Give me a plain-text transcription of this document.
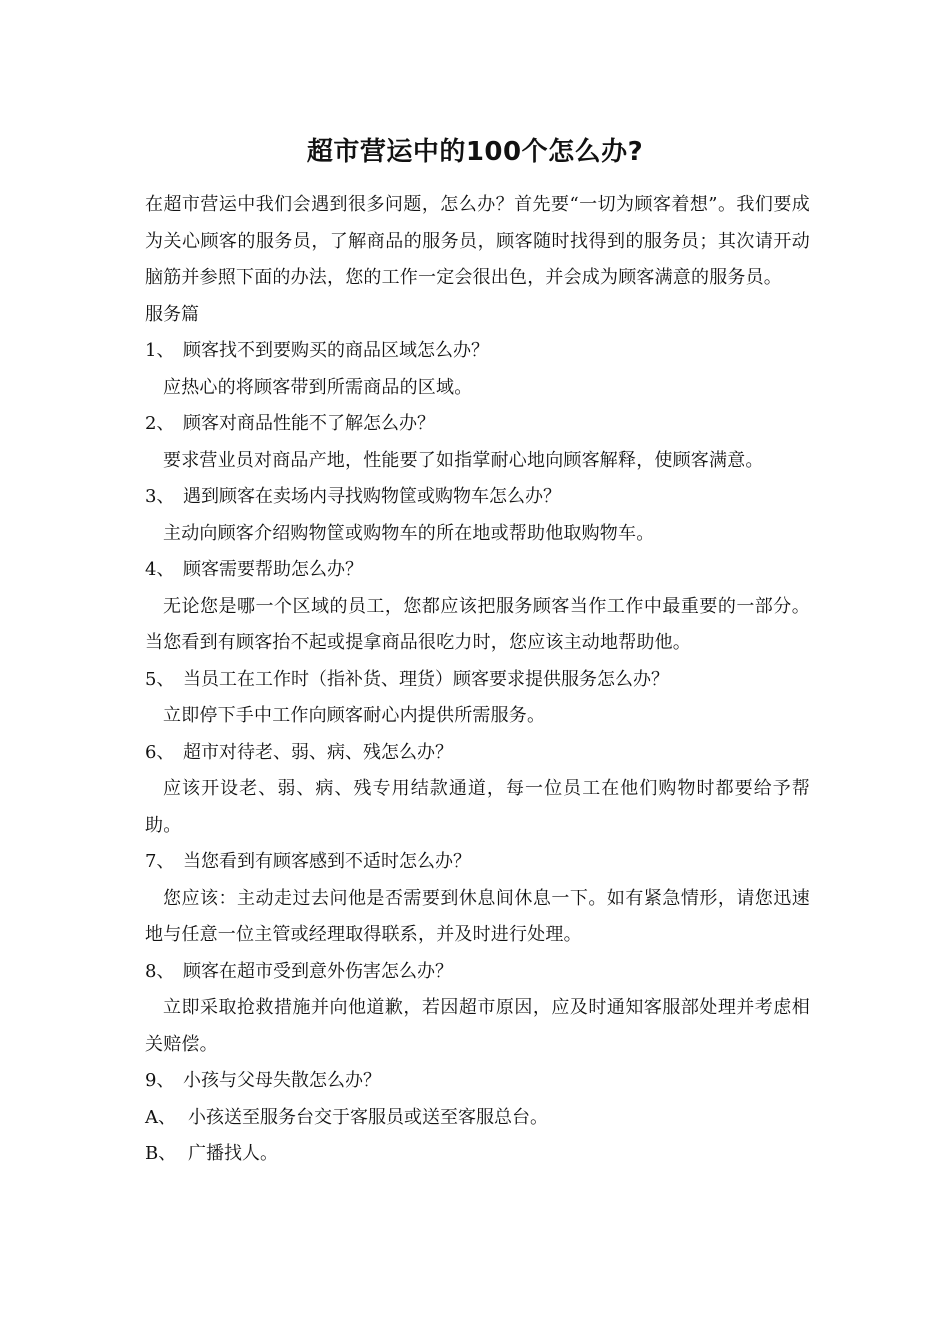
超市营运中的100个怎么办?

在超市营运中我们会遇到很多问题，怎么办？首先要“一切为顾客着想”。我们要成为关心顾客的服务员，了解商品的服务员，顾客随时找得到的服务员；其次请开动脑筋并参照下面的办法，您的工作一定会很出色，并会成为顾客满意的服务员。

服务篇

1、 顾客找不到要购买的商品区域怎么办？

应热心的将顾客带到所需商品的区域。

2、 顾客对商品性能不了解怎么办？

要求营业员对商品产地，性能要了如指掌耐心地向顾客解释，使顾客满意。

3、 遇到顾客在卖场内寻找购物筐或购物车怎么办？

主动向顾客介绍购物筐或购物车的所在地或帮助他取购物车。

4、 顾客需要帮助怎么办？

无论您是哪一个区域的员工，您都应该把服务顾客当作工作中最重要的一部分。当您看到有顾客抬不起或提拿商品很吃力时，您应该主动地帮助他。

5、 当员工在工作时（指补货、理货）顾客要求提供服务怎么办？

立即停下手中工作向顾客耐心内提供所需服务。

6、 超市对待老、弱、病、残怎么办？

应该开设老、弱、病、残专用结款通道，每一位员工在他们购物时都要给予帮助。

7、 当您看到有顾客感到不适时怎么办？

您应该：主动走过去问他是否需要到休息间休息一下。如有紧急情形，请您迅速地与任意一位主管或经理取得联系，并及时进行处理。

8、 顾客在超市受到意外伤害怎么办？

立即采取抢救措施并向他道歉，若因超市原因，应及时通知客服部处理并考虑相关赔偿。

9、 小孩与父母失散怎么办？

A、 小孩送至服务台交于客服员或送至客服总台。

B、 广播找人。
